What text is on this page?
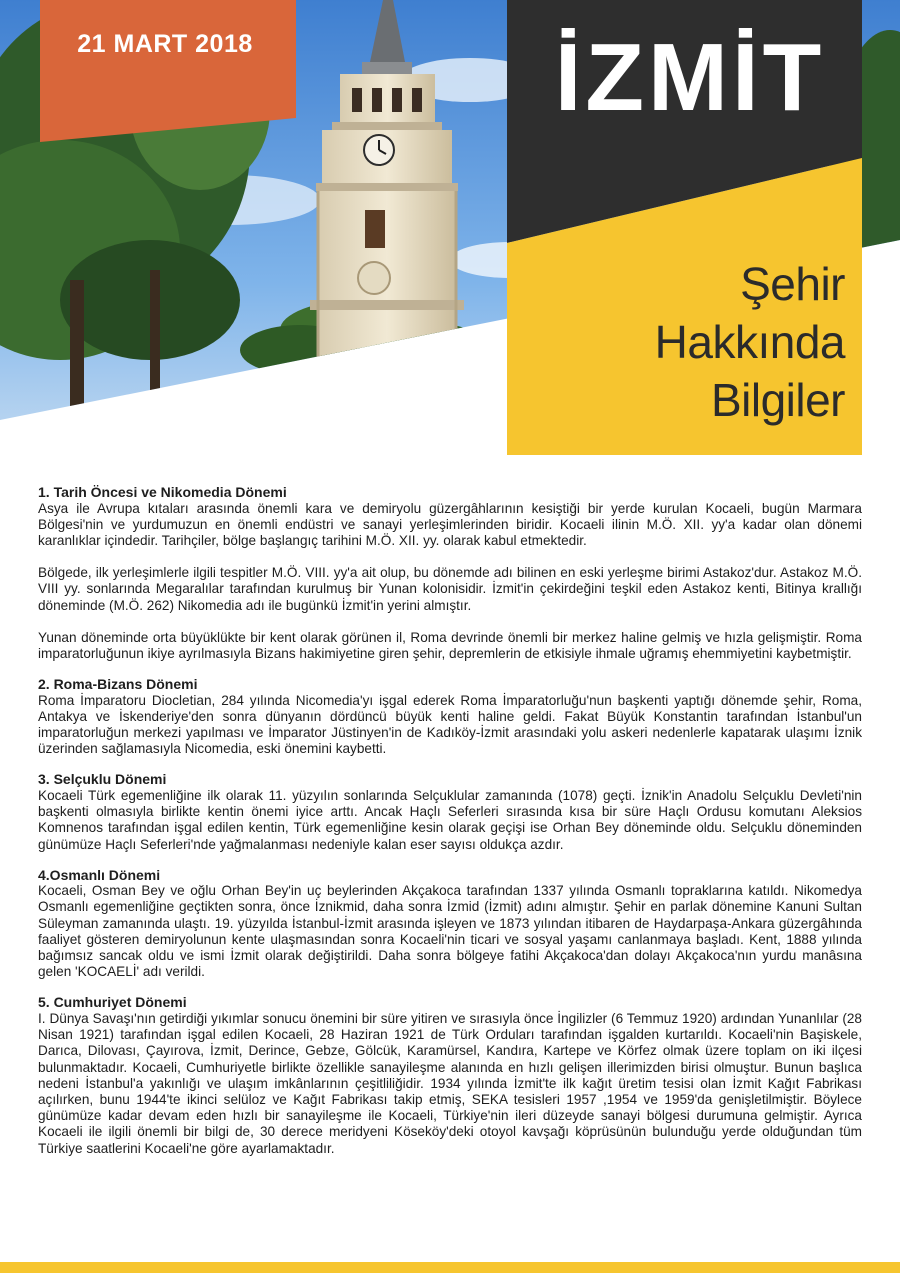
21 MART 2018	İZMİT
Şehir
Hakkında
Bilgiler

1. Tarih Öncesi ve Nikomedia Dönemi

Asya ile Avrupa kıtaları arasında önemli kara ve demiryolu güzergâhlarının kesiştiği bir yerde kurulan Kocaeli, bugün Marmara Bölgesi'nin ve yurdumuzun en önemli endüstri ve sanayi yerleşimlerinden biridir. Kocaeli ilinin M.Ö. XII. yy'a kadar olan dönemi karanlıklar içindedir. Tarihçiler, bölge başlangıç tarihini M.Ö. XII. yy. olarak kabul etmektedir.

Bölgede, ilk yerleşimlerle ilgili tespitler M.Ö. VIII. yy'a ait olup, bu dönemde adı bilinen en eski yerleşme birimi Astakoz'dur. Astakoz M.Ö. VIII yy. sonlarında Megaralılar tarafından kurulmuş bir Yunan kolonisidir. İzmit'in çekirdeğini teşkil eden Astakoz kenti, Bitinya krallığı döneminde (M.Ö. 262) Nikomedia adı ile bugünkü İzmit'in yerini almıştır.

Yunan döneminde orta büyüklükte bir kent olarak görünen il, Roma devrinde önemli bir merkez haline gelmiş ve hızla gelişmiştir. Roma imparatorluğunun ikiye ayrılmasıyla Bizans hakimiyetine giren şehir, depremlerin de etkisiyle ihmale uğramış ehemmiyetini kaybetmiştir.

2. Roma-Bizans Dönemi

Roma İmparatoru Diocletian, 284 yılında Nicomedia'yı işgal ederek Roma İmparatorluğu'nun başkenti yaptığı dönemde şehir, Roma, Antakya ve İskenderiye'den sonra dünyanın dördüncü büyük kenti haline geldi. Fakat Büyük Konstantin tarafından İstanbul'un imparatorluğun merkezi yapılması ve İmparator Jüstinyen'in de Kadıköy-İzmit arasındaki yolu askeri nedenlerle kapatarak ulaşımı İznik üzerinden sağlamasıyla Nicomedia, eski önemini kaybetti.

3. Selçuklu Dönemi

Kocaeli Türk egemenliğine ilk olarak 11. yüzyılın sonlarında Selçuklular zamanında (1078) geçti. İznik'in Anadolu Selçuklu Devleti'nin başkenti olmasıyla birlikte kentin önemi iyice arttı. Ancak Haçlı Seferleri sırasında kısa bir süre Haçlı Ordusu komutanı Aleksios Komnenos tarafından işgal edilen kentin, Türk egemenliğine kesin olarak geçişi ise Orhan Bey döneminde oldu. Selçuklu döneminden günümüze Haçlı Seferleri'nde yağmalanması nedeniyle kalan eser sayısı oldukça azdır.

4.Osmanlı Dönemi

Kocaeli, Osman Bey ve oğlu Orhan Bey'in uç beylerinden Akçakoca tarafından 1337 yılında Osmanlı topraklarına katıldı. Nikomedya Osmanlı egemenliğine geçtikten sonra, önce İznikmid, daha sonra İzmid (İzmit) adını almıştır. Şehir en parlak dönemine Kanuni Sultan Süleyman zamanında ulaştı. 19. yüzyılda İstanbul-İzmit arasında işleyen ve 1873 yılından itibaren de Haydarpaşa-Ankara güzergâhında faaliyet gösteren demiryolunun kente ulaşmasından sonra Kocaeli'nin ticari ve sosyal yaşamı canlanmaya başladı. Kent, 1888 yılında bağımsız sancak oldu ve ismi İzmit olarak değiştirildi. Daha sonra bölgeye fatihi Akçakoca'dan dolayı Akçakoca'nın yurdu manâsına gelen 'KOCAELİ' adı verildi.

5. Cumhuriyet Dönemi

I. Dünya Savaşı'nın getirdiği yıkımlar sonucu önemini bir süre yitiren ve sırasıyla önce İngilizler (6 Temmuz 1920) ardından Yunanlılar (28 Nisan 1921) tarafından işgal edilen Kocaeli, 28 Haziran 1921 de Türk Orduları tarafından işgalden kurtarıldı. Kocaeli'nin Başiskele, Darıca, Dilovası, Çayırova, İzmit, Derince, Gebze, Gölcük, Karamürsel, Kandıra, Kartepe ve Körfez olmak üzere toplam on iki ilçesi bulunmaktadır. Kocaeli, Cumhuriyetle birlikte özellikle sanayileşme alanında en hızlı gelişen illerimizden birisi olmuştur. Bunun başlıca nedeni İstanbul'a yakınlığı ve ulaşım imkânlarının çeşitliliğidir. 1934 yılında İzmit'te ilk kağıt üretim tesisi olan İzmit Kağıt Fabrikası açılırken, bunu 1944'te ikinci selüloz ve Kağıt Fabrikası takip etmiş, SEKA tesisleri 1957 ,1954 ve 1959'da genişletilmiştir. Böylece günümüze kadar devam eden hızlı bir sanayileşme ile Kocaeli, Türkiye'nin ileri düzeyde sanayi bölgesi durumuna gelmiştir. Ayrıca Kocaeli ile ilgili önemli bir bilgi de, 30 derece meridyeni Köseköy'deki otoyol kavşağı köprüsünün bulunduğu yerde olduğundan tüm Türkiye saatlerini Kocaeli'ne göre ayarlamaktadır.
